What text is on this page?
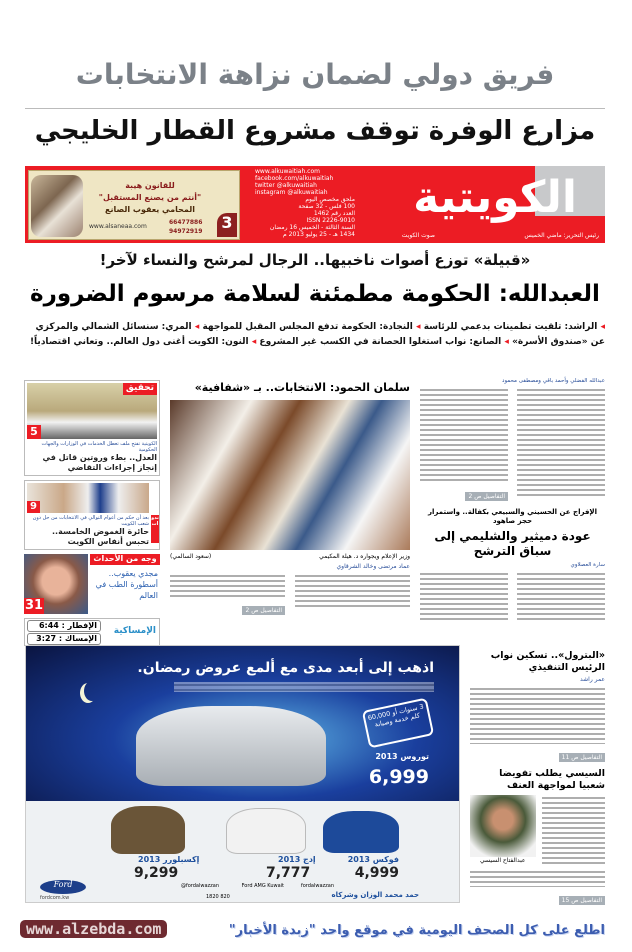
فريق دولي لضمان نزاهة الانتخابات
مزارع الوفرة توقف مشروع القطار الخليجي
الكويتية
رئيس التحرير: ماضي الخميس
صوت الكويت
www.alkuwaitiah.com
facebook.com/alkuwaitiah
twitter @alkuwaitiah
instagram @alkuwaitiah
ملحق مخصص اليوم
100 فلس - 32 صفحة
العدد رقم 1462
ISSN 2226-9010
السنة الثالثة - الخميس 16 رمضان 1434 هـ - 25 يوليو 2013 م
للقانون هيبة
"أنتم من يصنع المستقبل"
المحامي يعقوب الصانع
www.alsaneaa.com
66477886
94972919 3
«قبيلة» توزع أصوات ناخبيها.. الرجال لمرشح والنساء لآخر!
العبدالله: الحكومة مطمئنة لسلامة مرسوم الضرورة
◂ الراشد: تلقيت تطمينات بدعمي للرئاسة ◂ النجادة: الحكومة تدفع المجلس المقبل للمواجهة ◂ المري: سنسائل الشمالي والمركزي عن «صندوق الأسرة» ◂ الصانع: نواب استغلوا الحصانة في الكسب غير المشروع ◂ النون: الكويت أغنى دول العالم.. وتعاني اقتصادياً!
تحقيق
5
الكويتية تفتح ملف تعطل الخدمات في الوزارات والجهات الحكومية
العدل.. بطء وروتين قاتل في إنجاز إجراءات التقاضي
9
ندوات
بعد أن حكم من أعوام التوالي في الانتخابات من حل دون شعب الكويت
حائرة الغموض الخامسة.. تحبس أنفاس الكويت
31
وجه من الأحداث
مجدي يعقوب.. أسطورة الطب في العالم
الإمساكية
الإفطار : 6:44
الإمساك : 3:27
سلمان الحمود: الانتخابات.. بـ «شفافية»
وزير الإعلام ويجواره د. هيلة المكيمي
(سعود السالمي)
عماد مرتضى وخالد الشرقاوي
التفاصيل ص 2
عبدالله الفضلي وأحمد باقي ومصطفى محمود
التفاصيل ص 2
الإفراج عن الحسيني والسبيعي بكفالة.. واستمرار حجز صاهود
عودة دميثير والشليمي إلى سباق الترشح
سارة العصلاوي
اذهب إلى أبعد مدى مع ألمع عروض رمضان.
3 سنوات أو 60,000 كلم خدمة وصيانة
توروس 2013
6,999
فوكس 2013
4,999
إدج 2013
7,777
إكسبلورر 2013
9,299
Ford
fordcom.kw	حمد محمد الوزان وشركاه
fordalwazzan
Ford AMG Kuwait
@fordalwazzan
1820 820
«البترول».. تسكين نواب الرئيس التنفيذي
عمر راشد
التفاصيل ص 11
السيسي يطلب تفويضا شعبيا لمواجهة العنف
عبدالفتاح السيسي
التفاصيل ص 15
اطلع على كل الصحف اليومية في موقع واحد "زبدة الأخبار"
www.alzebda.com
